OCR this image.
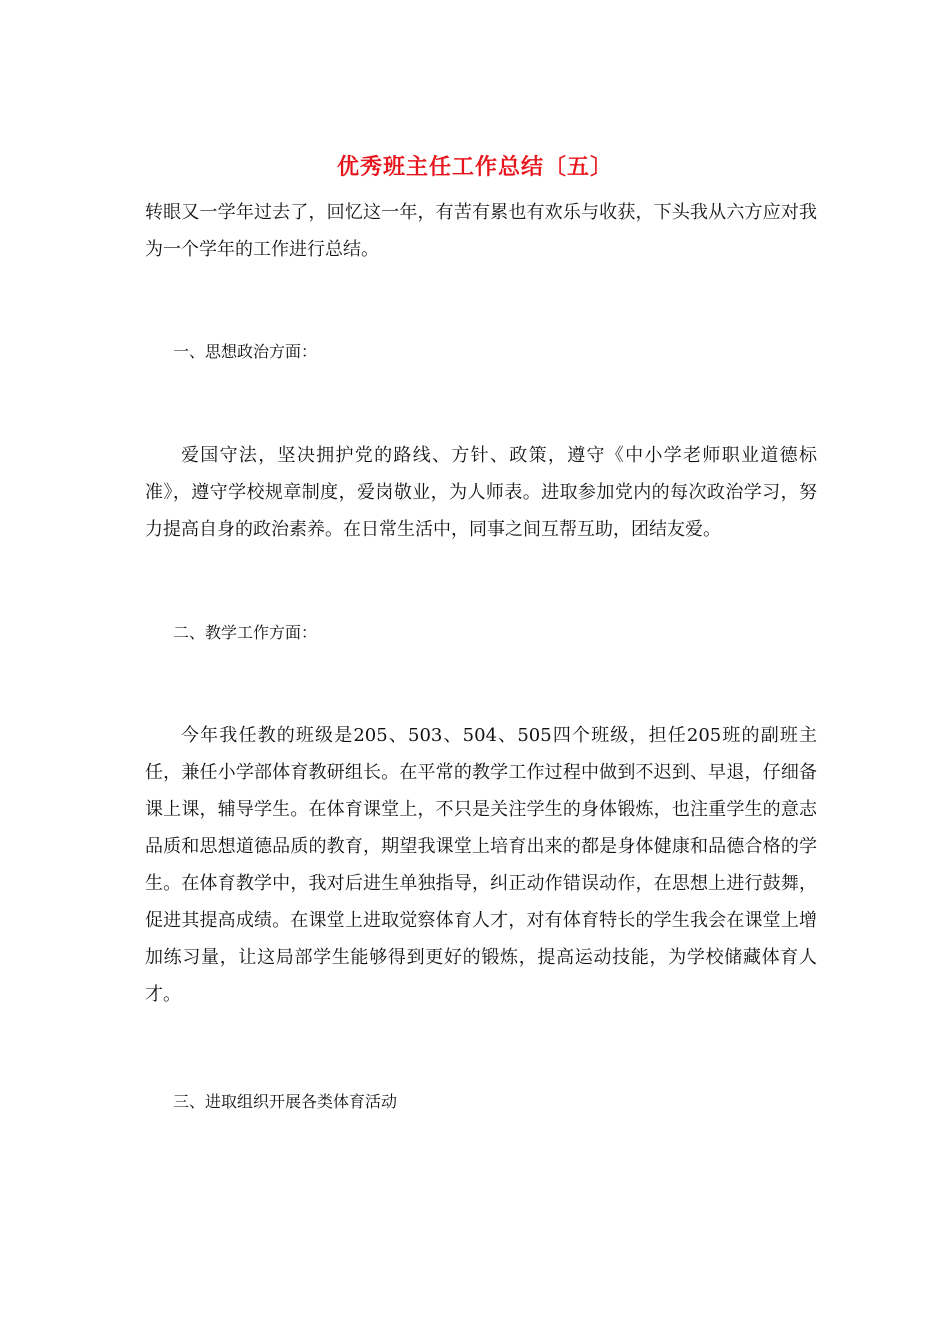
优秀班主任工作总结〔五〕
转眼又一学年过去了，回忆这一年，有苦有累也有欢乐与收获，下头我从六方应对我为一个学年的工作进行总结。
一、思想政治方面：
爱国守法，坚决拥护党的路线、方针、政策，遵守《中小学老师职业道德标准》，遵守学校规章制度，爱岗敬业，为人师表。进取参加党内的每次政治学习，努力提高自身的政治素养。在日常生活中，同事之间互帮互助，团结友爱。
二、教学工作方面：
今年我任教的班级是205、503、504、505四个班级，担任205班的副班主任，兼任小学部体育教研组长。在平常的教学工作过程中做到不迟到、早退，仔细备课上课，辅导学生。在体育课堂上，不只是关注学生的身体锻炼，也注重学生的意志品质和思想道德品质的教育，期望我课堂上培育出来的都是身体健康和品德合格的学生。在体育教学中，我对后进生单独指导，纠正动作错误动作，在思想上进行鼓舞，促进其提高成绩。在课堂上进取觉察体育人才，对有体育特长的学生我会在课堂上增加练习量，让这局部学生能够得到更好的锻炼，提高运动技能，为学校储藏体育人才。
三、进取组织开展各类体育活动
